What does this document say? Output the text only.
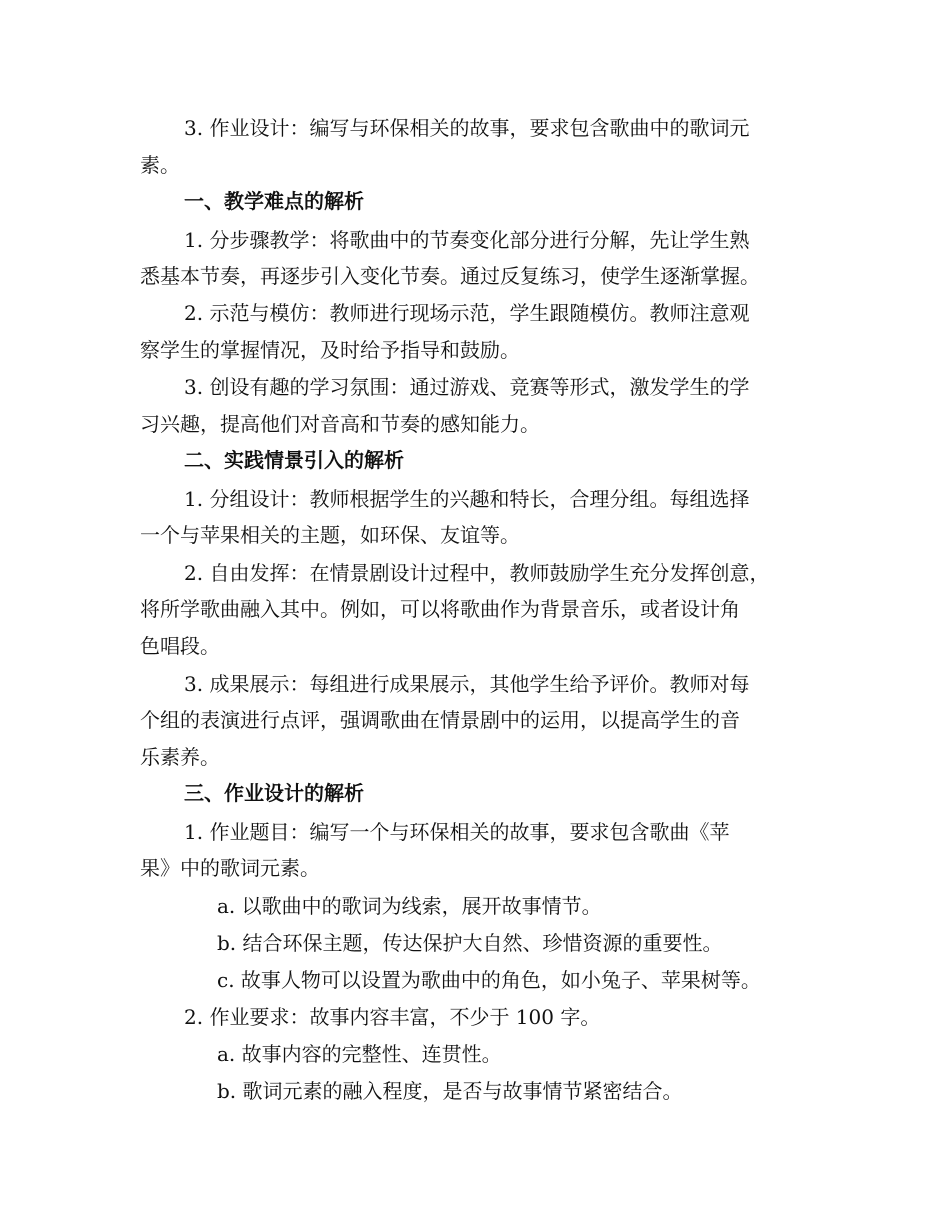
3. 作业设计：编写与环保相关的故事，要求包含歌曲中的歌词元
素。
一、教学难点的解析
1. 分步骤教学：将歌曲中的节奏变化部分进行分解，先让学生熟
悉基本节奏，再逐步引入变化节奏。通过反复练习，使学生逐渐掌握。
2. 示范与模仿：教师进行现场示范，学生跟随模仿。教师注意观
察学生的掌握情况，及时给予指导和鼓励。
3. 创设有趣的学习氛围：通过游戏、竞赛等形式，激发学生的学
习兴趣，提高他们对音高和节奏的感知能力。
二、实践情景引入的解析
1. 分组设计：教师根据学生的兴趣和特长，合理分组。每组选择
一个与苹果相关的主题，如环保、友谊等。
2. 自由发挥：在情景剧设计过程中，教师鼓励学生充分发挥创意，
将所学歌曲融入其中。例如，可以将歌曲作为背景音乐，或者设计角
色唱段。
3. 成果展示：每组进行成果展示，其他学生给予评价。教师对每
个组的表演进行点评，强调歌曲在情景剧中的运用，以提高学生的音
乐素养。
三、作业设计的解析
1. 作业题目：编写一个与环保相关的故事，要求包含歌曲《苹
果》中的歌词元素。
a. 以歌曲中的歌词为线索，展开故事情节。
b. 结合环保主题，传达保护大自然、珍惜资源的重要性。
c. 故事人物可以设置为歌曲中的角色，如小兔子、苹果树等。
2. 作业要求：故事内容丰富，不少于 100 字。
a. 故事内容的完整性、连贯性。
b. 歌词元素的融入程度，是否与故事情节紧密结合。
